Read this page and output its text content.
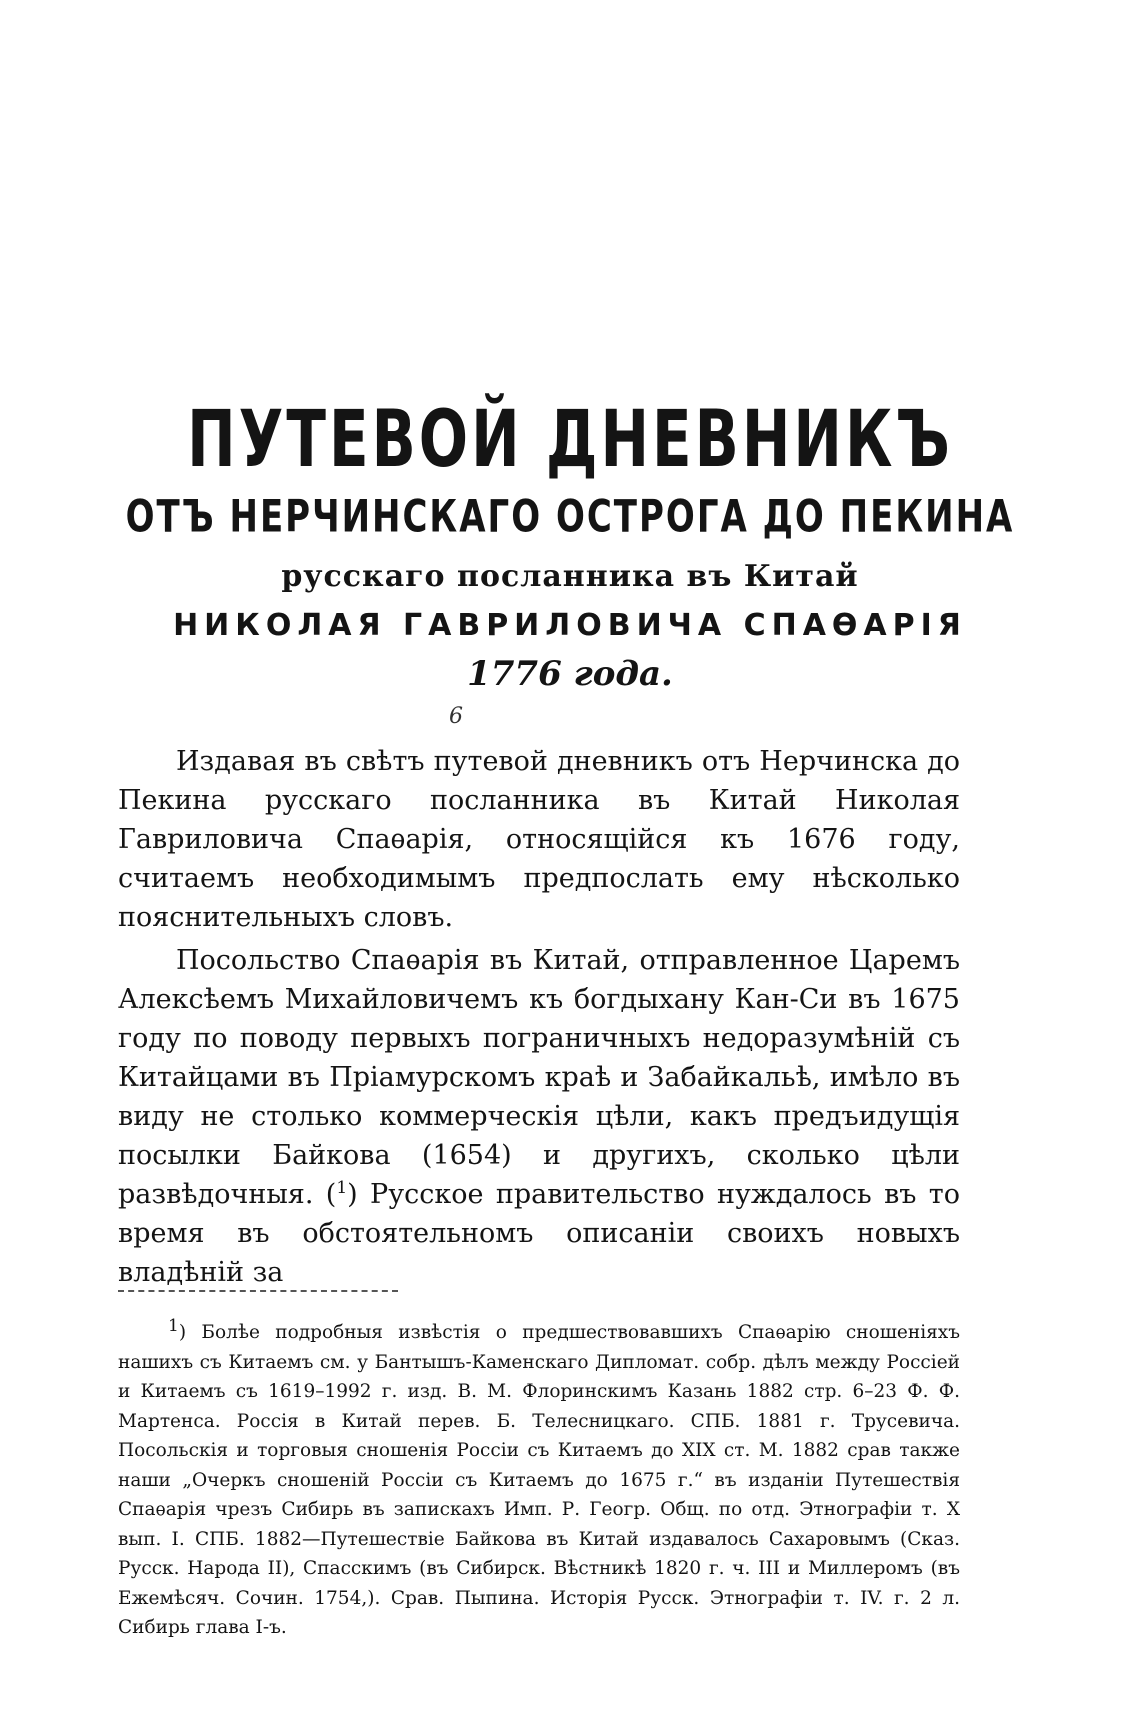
ПУТЕВОЙ ДНЕВНИКЪ
ОТЪ НЕРЧИНСКАГО ОСТРОГА ДО ПЕКИНА
русскаго посланника въ Китай
НИКОЛАЯ ГАВРИЛОВИЧА СПАѲАРІЯ
1776 года.
6

Издавая въ свѣтъ путевой дневникъ отъ Нерчинска до Пекина русскаго посланника въ Китай Николая Гавриловича Спаѳарія, относящійся къ 1676 году, считаемъ необходимымъ предпослать ему нѣсколько пояснительныхъ словъ.

Посольство Спаѳарія въ Китай, отправленное Царемъ Алексѣемъ Михайловичемъ къ богдыхану Кан-Си въ 1675 году по поводу первыхъ пограничныхъ недоразумѣній съ Китайцами въ Пріамурскомъ краѣ и Забайкальѣ, имѣло въ виду не столько коммерческія цѣли, какъ предъидущія посылки Байкова (1654) и другихъ, сколько цѣли развѣдочныя. ($^1$) Русское правительство нуждалось въ то время въ обстоятельномъ описаніи своихъ новыхъ владѣній за

$^1$) Болѣе подробныя извѣстія о предшествовавшихъ Спаѳарію сношеніяхъ нашихъ съ Китаемъ см. у Бантышъ-Каменскаго Дипломат. собр. дѣлъ между Россіей и Китаемъ съ 1619–1992 г. изд. В. М. Флоринскимъ Казань 1882 стр. 6–23 Ф. Ф. Мартенса. Россія в Китай перев. Б. Телесницкаго. СПБ. 1881 г. Трусевича. Посольскія и торговыя сношенія Россіи съ Китаемъ до XIX ст. М. 1882 срав также наши „Очеркъ сношеній Россіи съ Китаемъ до 1675 г.“ въ изданіи Путешествія Спаѳарія чрезъ Сибирь въ запискахъ Имп. Р. Геогр. Общ. по отд. Этнографіи т. X вып. I. СПБ. 1882—Путешествіе Байкова въ Китай издавалось Сахаровымъ (Сказ. Русск. Народа II), Спасскимъ (въ Сибирск. Вѣстникѣ 1820 г. ч. III и Миллеромъ (въ Ежемѣсяч. Сочин. 1754,). Срав. Пыпина. Исторія Русск. Этнографіи т. IV. г. 2 л. Сибирь глава I-ъ.
